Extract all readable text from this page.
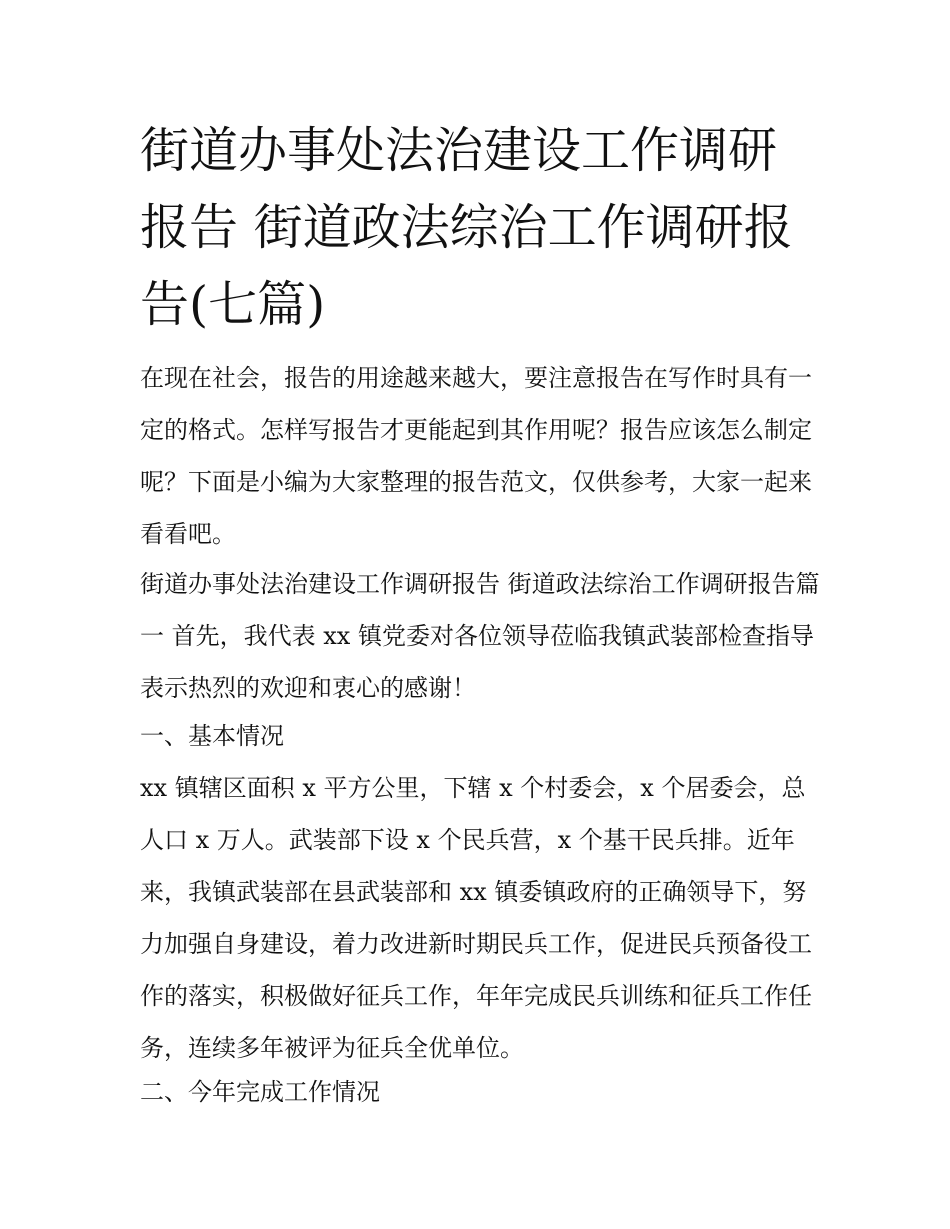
街道办事处法治建设工作调研报告 街道政法综治工作调研报告(七篇)

在现在社会，报告的用途越来越大，要注意报告在写作时具有一定的格式。怎样写报告才更能起到其作用呢？报告应该怎么制定呢？下面是小编为大家整理的报告范文，仅供参考，大家一起来看看吧。

街道办事处法治建设工作调研报告 街道政法综治工作调研报告篇一 首先，我代表 xx 镇党委对各位领导莅临我镇武装部检查指导表示热烈的欢迎和衷心的感谢！

一、基本情况

xx 镇辖区面积 x 平方公里，下辖 x 个村委会，x 个居委会，总人口 x 万人。武装部下设 x 个民兵营，x 个基干民兵排。近年来，我镇武装部在县武装部和 xx 镇委镇政府的正确领导下，努力加强自身建设，着力改进新时期民兵工作，促进民兵预备役工作的落实，积极做好征兵工作，年年完成民兵训练和征兵工作任务，连续多年被评为征兵全优单位。

二、今年完成工作情况
